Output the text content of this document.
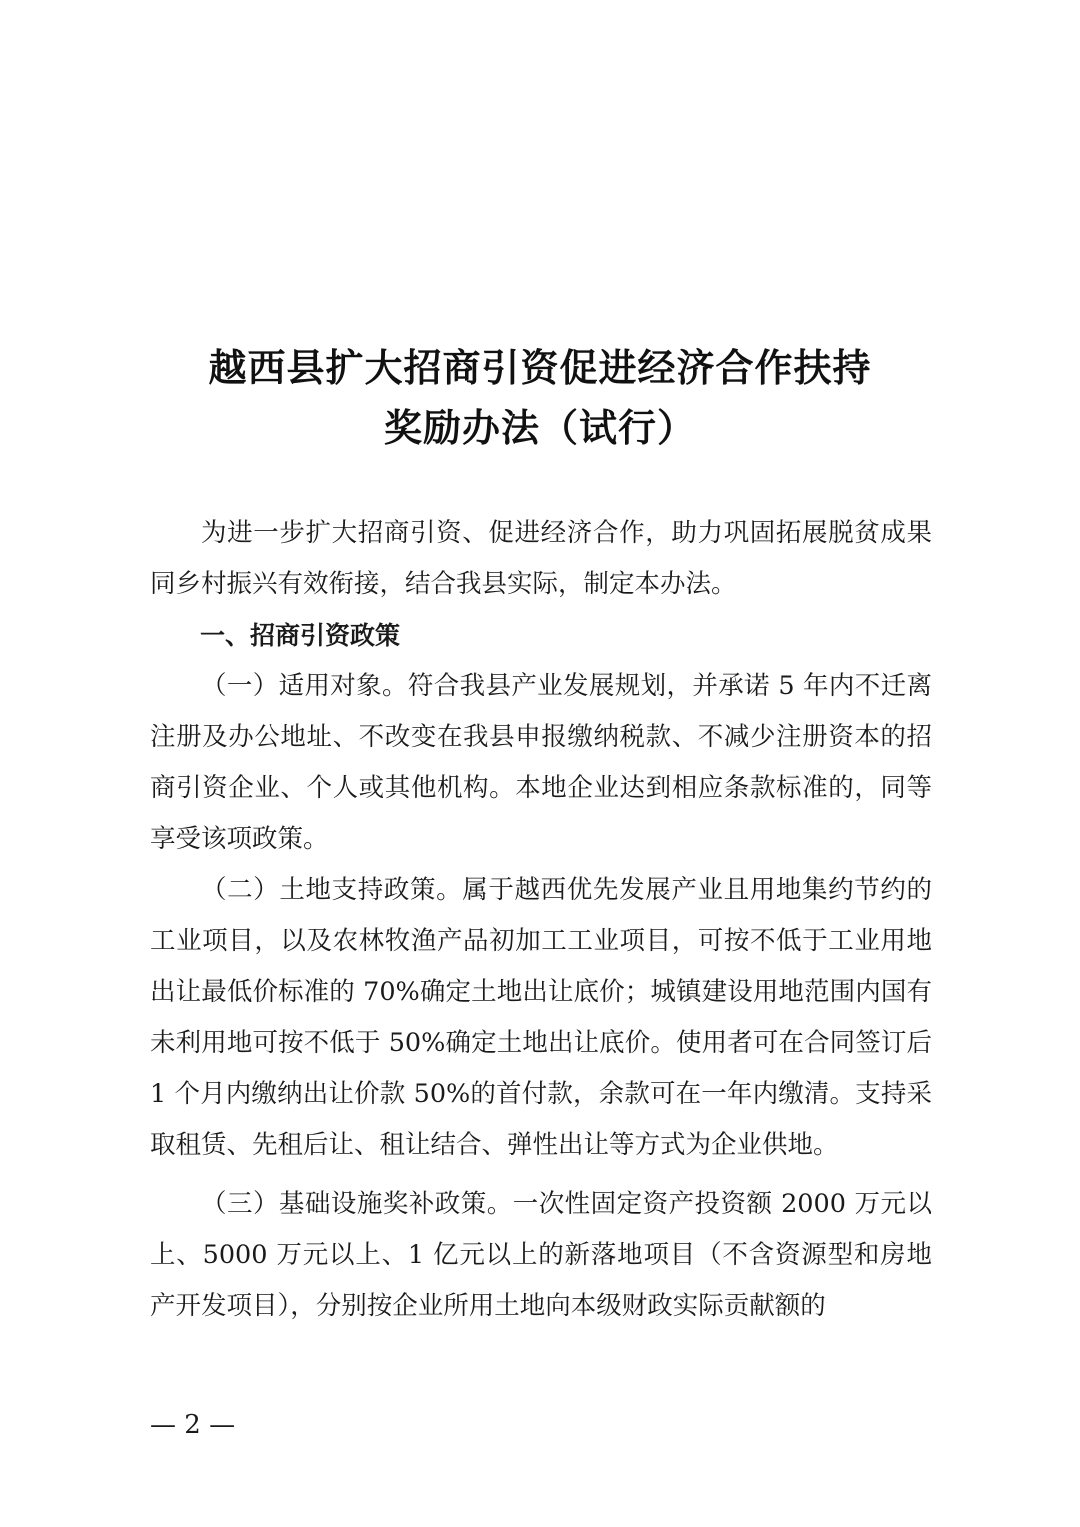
越西县扩大招商引资促进经济合作扶持
奖励办法（试行）

为进一步扩大招商引资、促进经济合作，助力巩固拓展脱贫成果同乡村振兴有效衔接，结合我县实际，制定本办法。

一、招商引资政策

（一）适用对象。符合我县产业发展规划，并承诺 5 年内不迁离注册及办公地址、不改变在我县申报缴纳税款、不减少注册资本的招商引资企业、个人或其他机构。本地企业达到相应条款标准的，同等享受该项政策。

（二）土地支持政策。属于越西优先发展产业且用地集约节约的工业项目，以及农林牧渔产品初加工工业项目，可按不低于工业用地出让最低价标准的 70%确定土地出让底价；城镇建设用地范围内国有未利用地可按不低于 50%确定土地出让底价。使用者可在合同签订后 1 个月内缴纳出让价款 50%的首付款，余款可在一年内缴清。支持采取租赁、先租后让、租让结合、弹性出让等方式为企业供地。

（三）基础设施奖补政策。一次性固定资产投资额 2000 万元以上、5000 万元以上、1 亿元以上的新落地项目（不含资源型和房地产开发项目），分别按企业所用土地向本级财政实际贡献额的

— 2 —
